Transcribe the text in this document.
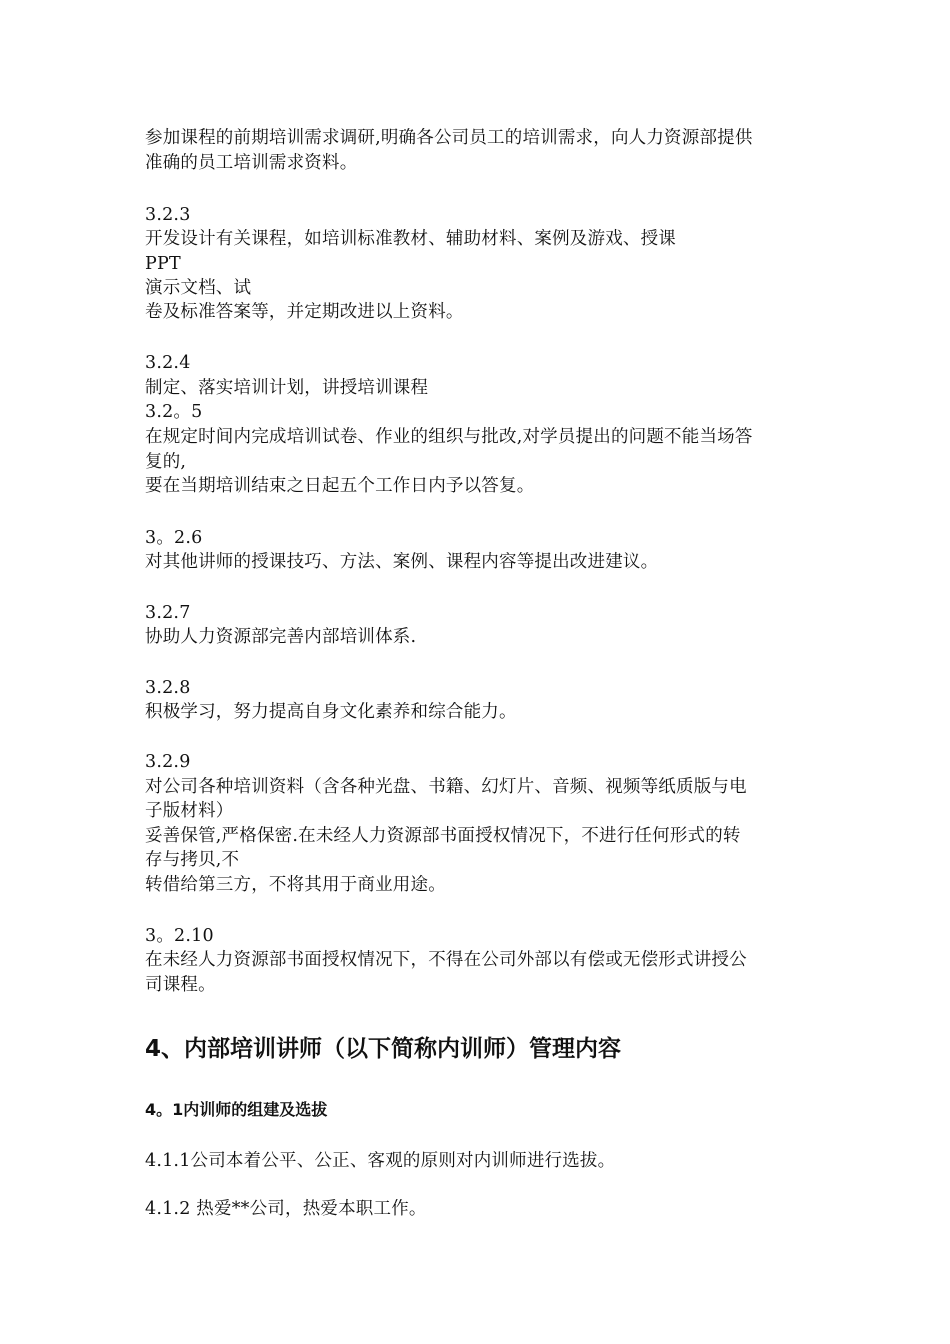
参加课程的前期培训需求调研,明确各公司员工的培训需求，向人力资源部提供
准确的员工培训需求资料。
3.2.3
开发设计有关课程，如培训标准教材、辅助材料、案例及游戏、授课
PPT
演示文档、试
卷及标准答案等，并定期改进以上资料。
3.2.4
制定、落实培训计划，讲授培训课程
3.2。5
在规定时间内完成培训试卷、作业的组织与批改,对学员提出的问题不能当场答
复的,
要在当期培训结束之日起五个工作日内予以答复。
3。2.6
对其他讲师的授课技巧、方法、案例、课程内容等提出改进建议。
3.2.7
协助人力资源部完善内部培训体系.
3.2.8
积极学习，努力提高自身文化素养和综合能力。
3.2.9
对公司各种培训资料（含各种光盘、书籍、幻灯片、音频、视频等纸质版与电
子版材料）
妥善保管,严格保密.在未经人力资源部书面授权情况下，不进行任何形式的转
存与拷贝,不
转借给第三方，不将其用于商业用途。
3。2.10
在未经人力资源部书面授权情况下，不得在公司外部以有偿或无偿形式讲授公
司课程。
4、内部培训讲师（以下简称内训师）管理内容
4。1内训师的组建及选拔
4.1.1公司本着公平、公正、客观的原则对内训师进行选拔。
4.1.2 热爱**公司，热爱本职工作。
